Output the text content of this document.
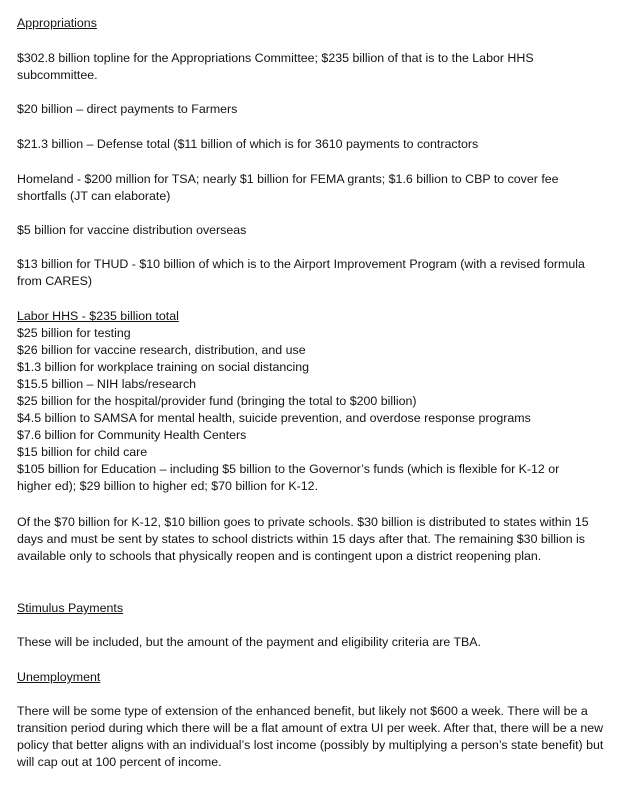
Appropriations

$302.8 billion topline for the Appropriations Committee; $235 billion of that is to the Labor HHS subcommittee.

$20 billion – direct payments to Farmers

$21.3 billion – Defense total ($11 billion of which is for 3610 payments to contractors

Homeland - $200 million for TSA; nearly $1 billion for FEMA grants; $1.6 billion to CBP to cover fee shortfalls (JT can elaborate)

$5 billion for vaccine distribution overseas

$13 billion for THUD - $10 billion of which is to the Airport Improvement Program (with a revised formula from CARES)

Labor HHS - $235 billion total
$25 billion for testing
$26 billion for vaccine research, distribution, and use
$1.3 billion for workplace training on social distancing
$15.5 billion – NIH labs/research
$25 billion for the hospital/provider fund (bringing the total to $200 billion)
$4.5 billion to SAMSA for mental health, suicide prevention, and overdose response programs
$7.6 billion for Community Health Centers
$15 billion for child care
$105 billion for Education – including $5 billion to the Governor’s funds (which is flexible for K-12 or higher ed); $29 billion to higher ed; $70 billion for K-12.

Of the $70 billion for K-12, $10 billion goes to private schools. $30 billion is distributed to states within 15 days and must be sent by states to school districts within 15 days after that. The remaining $30 billion is available only to schools that physically reopen and is contingent upon a district reopening plan.

Stimulus Payments

These will be included, but the amount of the payment and eligibility criteria are TBA.

Unemployment

There will be some type of extension of the enhanced benefit, but likely not $600 a week. There will be a transition period during which there will be a flat amount of extra UI per week. After that, there will be a new policy that better aligns with an individual’s lost income (possibly by multiplying a person’s state benefit) but will cap out at 100 percent of income.
